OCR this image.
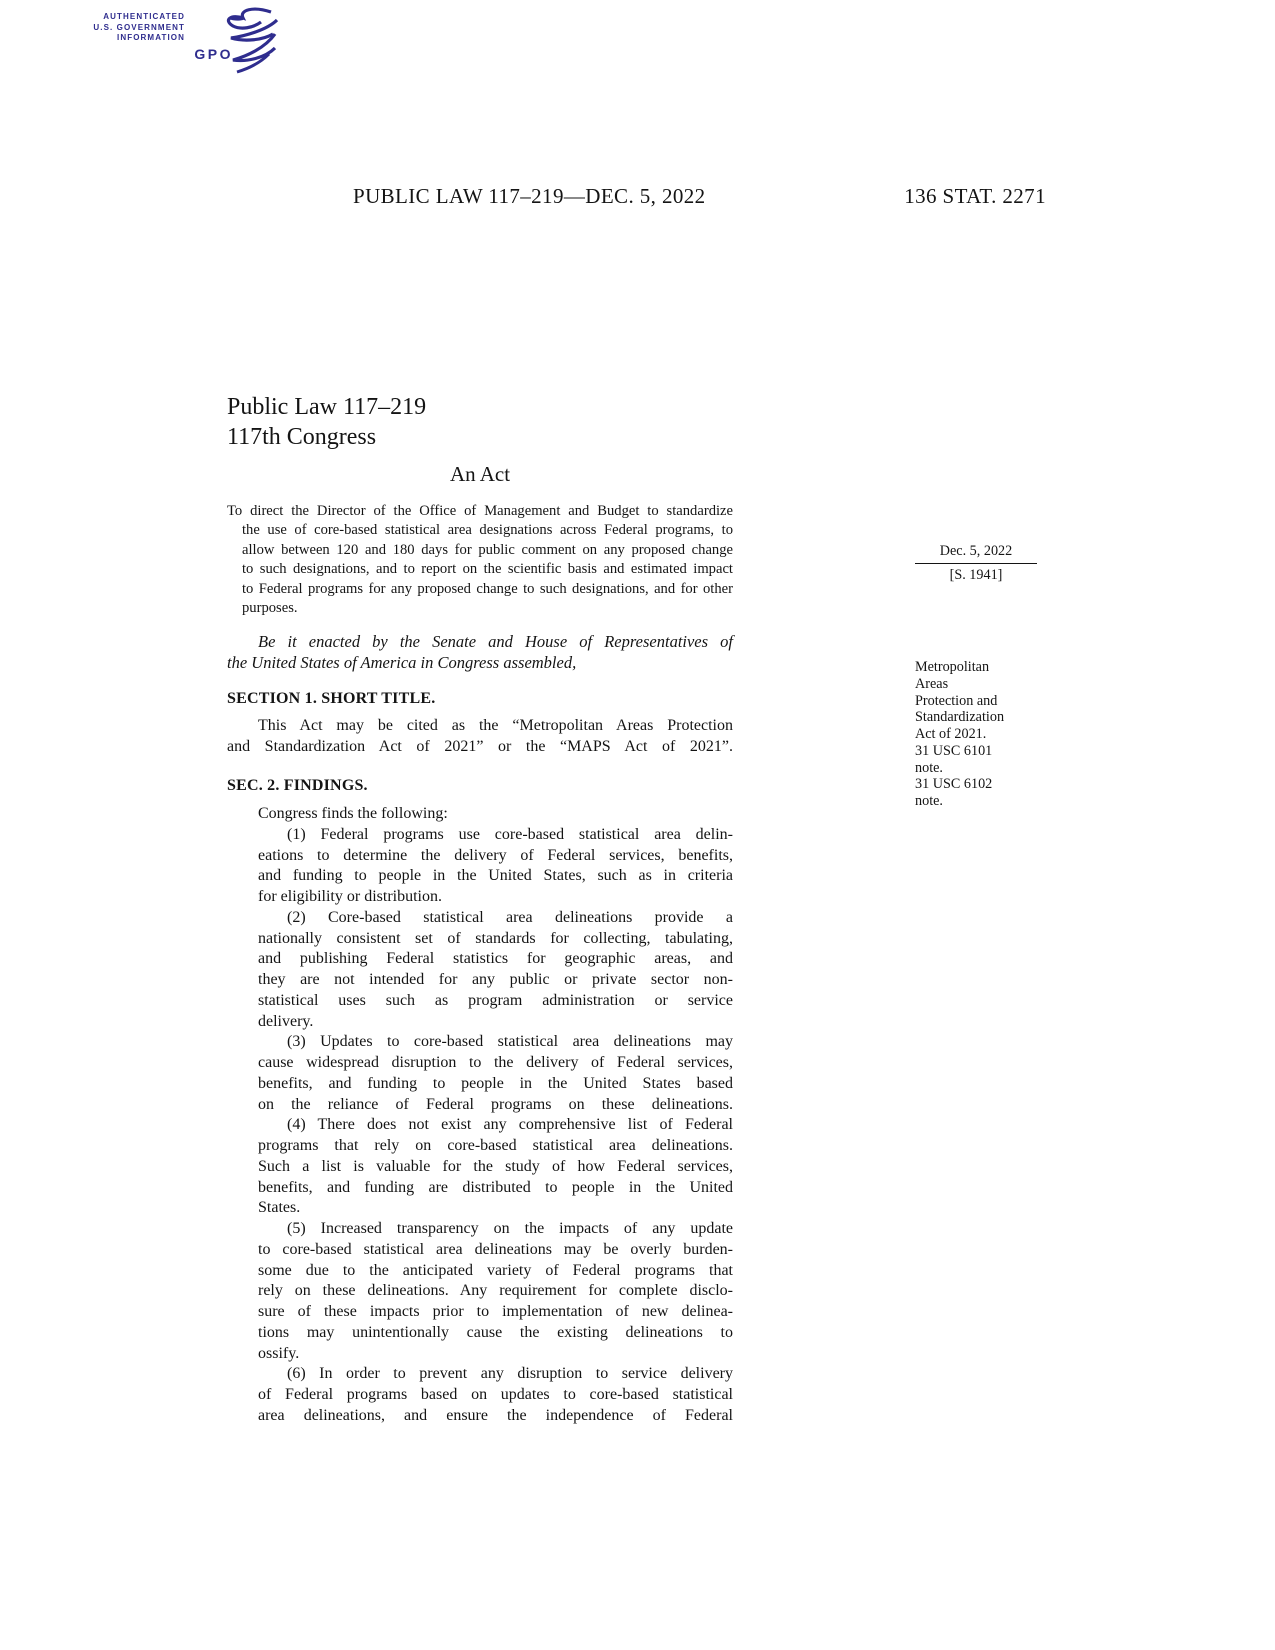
AUTHENTICATED
U.S. GOVERNMENT
INFORMATION
GPO
PUBLIC LAW 117–219—DEC. 5, 2022	136 STAT. 2271
Public Law 117–219
117th Congress
An Act
To direct the Director of the Office of Management and Budget to standardize
the use of core-based statistical area designations across Federal programs, to
allow between 120 and 180 days for public comment on any proposed change
to such designations, and to report on the scientific basis and estimated impact
to Federal programs for any proposed change to such designations, and for other
purposes.
Dec. 5, 2022
[S. 1941]
Be it enacted by the Senate and House of Representatives of
the United States of America in Congress assembled,	Metropolitan
Areas
Protection and
Standardization
Act of 2021.
31 USC 6101
note.
SECTION 1. SHORT TITLE.
This Act may be cited as the “Metropolitan Areas Protection
and Standardization Act of 2021” or the “MAPS Act of 2021”.
SEC. 2. FINDINGS.	31 USC 6102
note.
Congress finds the following:
(1) Federal programs use core-based statistical area delin-
eations to determine the delivery of Federal services, benefits,
and funding to people in the United States, such as in criteria
for eligibility or distribution.
(2) Core-based statistical area delineations provide a
nationally consistent set of standards for collecting, tabulating,
and publishing Federal statistics for geographic areas, and
they are not intended for any public or private sector non-
statistical uses such as program administration or service
delivery.
(3) Updates to core-based statistical area delineations may
cause widespread disruption to the delivery of Federal services,
benefits, and funding to people in the United States based
on the reliance of Federal programs on these delineations.
(4) There does not exist any comprehensive list of Federal
programs that rely on core-based statistical area delineations.
Such a list is valuable for the study of how Federal services,
benefits, and funding are distributed to people in the United
States.
(5) Increased transparency on the impacts of any update
to core-based statistical area delineations may be overly burden-
some due to the anticipated variety of Federal programs that
rely on these delineations. Any requirement for complete disclo-
sure of these impacts prior to implementation of new delinea-
tions may unintentionally cause the existing delineations to
ossify.
(6) In order to prevent any disruption to service delivery
of Federal programs based on updates to core-based statistical
area delineations, and ensure the independence of Federal
